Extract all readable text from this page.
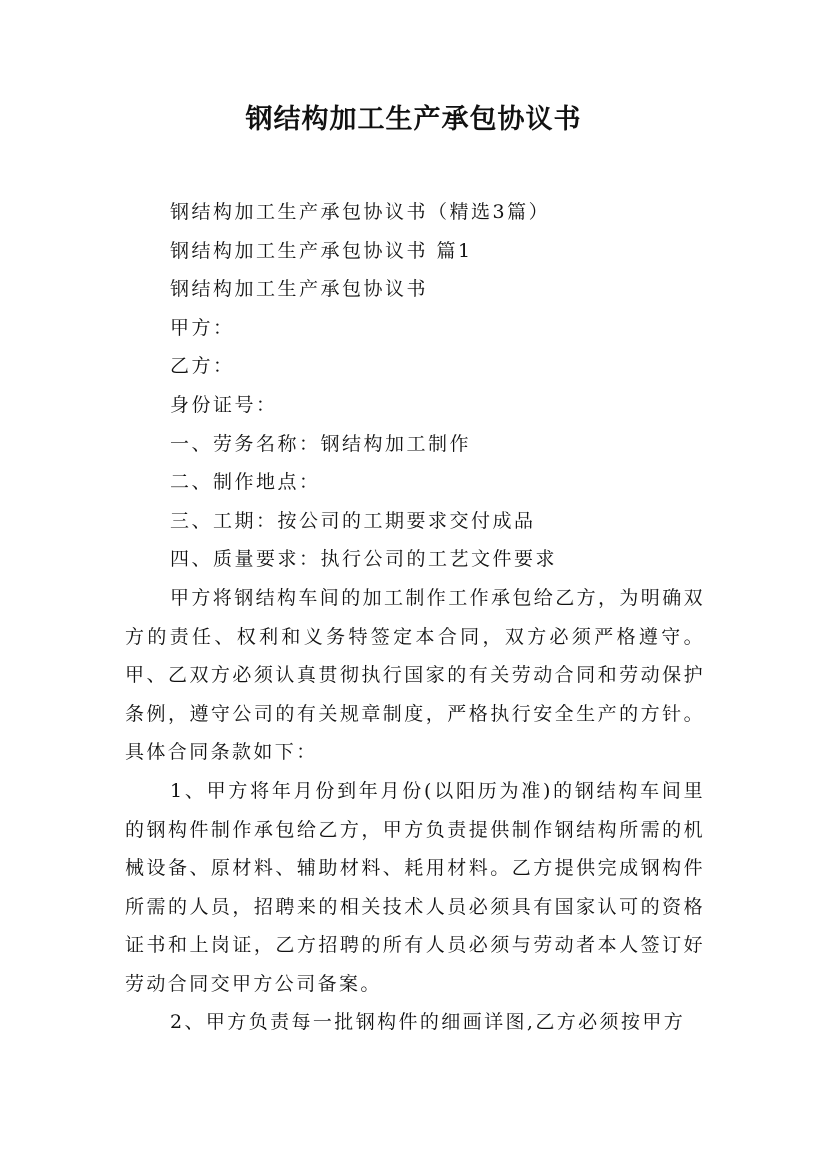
钢结构加工生产承包协议书

钢结构加工生产承包协议书（精选3篇）

钢结构加工生产承包协议书 篇1

钢结构加工生产承包协议书

甲方：

乙方：

身份证号：

一、劳务名称：钢结构加工制作

二、制作地点：

三、工期：按公司的工期要求交付成品

四、质量要求：执行公司的工艺文件要求

甲方将钢结构车间的加工制作工作承包给乙方，为明确双方的责任、权利和义务特签定本合同，双方必须严格遵守。甲、乙双方必须认真贯彻执行国家的有关劳动合同和劳动保护条例，遵守公司的有关规章制度，严格执行安全生产的方针。具体合同条款如下：

1、甲方将年月份到年月份(以阳历为准)的钢结构车间里的钢构件制作承包给乙方，甲方负责提供制作钢结构所需的机械设备、原材料、辅助材料、耗用材料。乙方提供完成钢构件所需的人员，招聘来的相关技术人员必须具有国家认可的资格证书和上岗证，乙方招聘的所有人员必须与劳动者本人签订好劳动合同交甲方公司备案。

2、甲方负责每一批钢构件的细画详图,乙方必须按甲方
